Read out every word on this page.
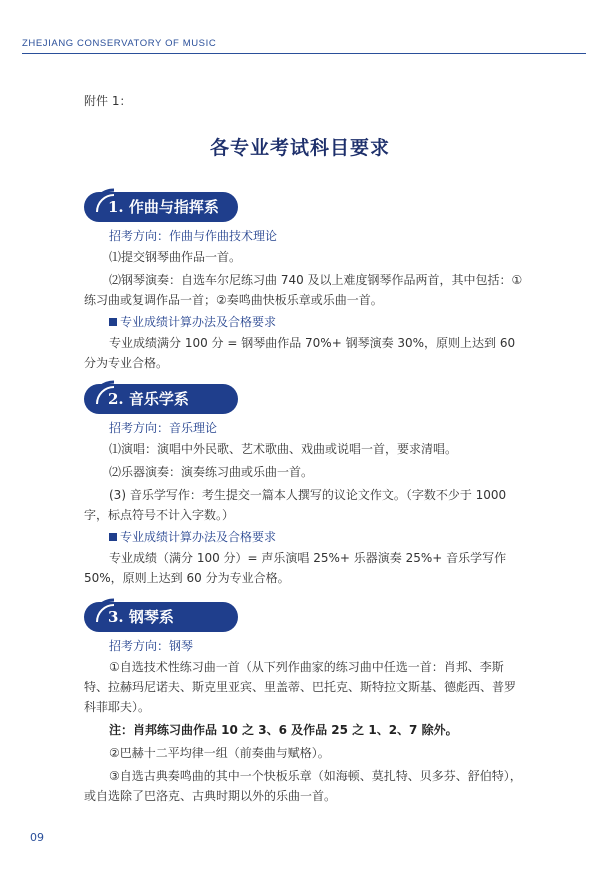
ZHEJIANG CONSERVATORY OF MUSIC
附件 1：
各专业考试科目要求
1. 作曲与指挥系
招考方向：作曲与作曲技术理论
⑴提交钢琴曲作品一首。
⑵钢琴演奏：自选车尔尼练习曲 740 及以上难度钢琴作品两首，其中包括：①练习曲或复调作品一首；②奏鸣曲快板乐章或乐曲一首。
专业成绩计算办法及合格要求
专业成绩满分 100 分 = 钢琴曲作品 70%+ 钢琴演奏 30%，原则上达到 60 分为专业合格。
2. 音乐学系
招考方向：音乐理论
⑴演唱：演唱中外民歌、艺术歌曲、戏曲或说唱一首，要求清唱。
⑵乐器演奏：演奏练习曲或乐曲一首。
(3) 音乐学写作：考生提交一篇本人撰写的议论文作文。（字数不少于 1000 字，标点符号不计入字数。）
专业成绩计算办法及合格要求
专业成绩（满分 100 分）= 声乐演唱 25%+ 乐器演奏 25%+ 音乐学写作 50%，原则上达到 60 分为专业合格。
3. 钢琴系
招考方向：钢琴
①自选技术性练习曲一首（从下列作曲家的练习曲中任选一首：肖邦、李斯特、拉赫玛尼诺夫、斯克里亚宾、里盖蒂、巴托克、斯特拉文斯基、德彪西、普罗科菲耶夫）。
注：肖邦练习曲作品 10 之 3、6 及作品 25 之 1、2、7 除外。
②巴赫十二平均律一组（前奏曲与赋格）。
③自选古典奏鸣曲的其中一个快板乐章（如海顿、莫扎特、贝多芬、舒伯特），或自选除了巴洛克、古典时期以外的乐曲一首。
09
